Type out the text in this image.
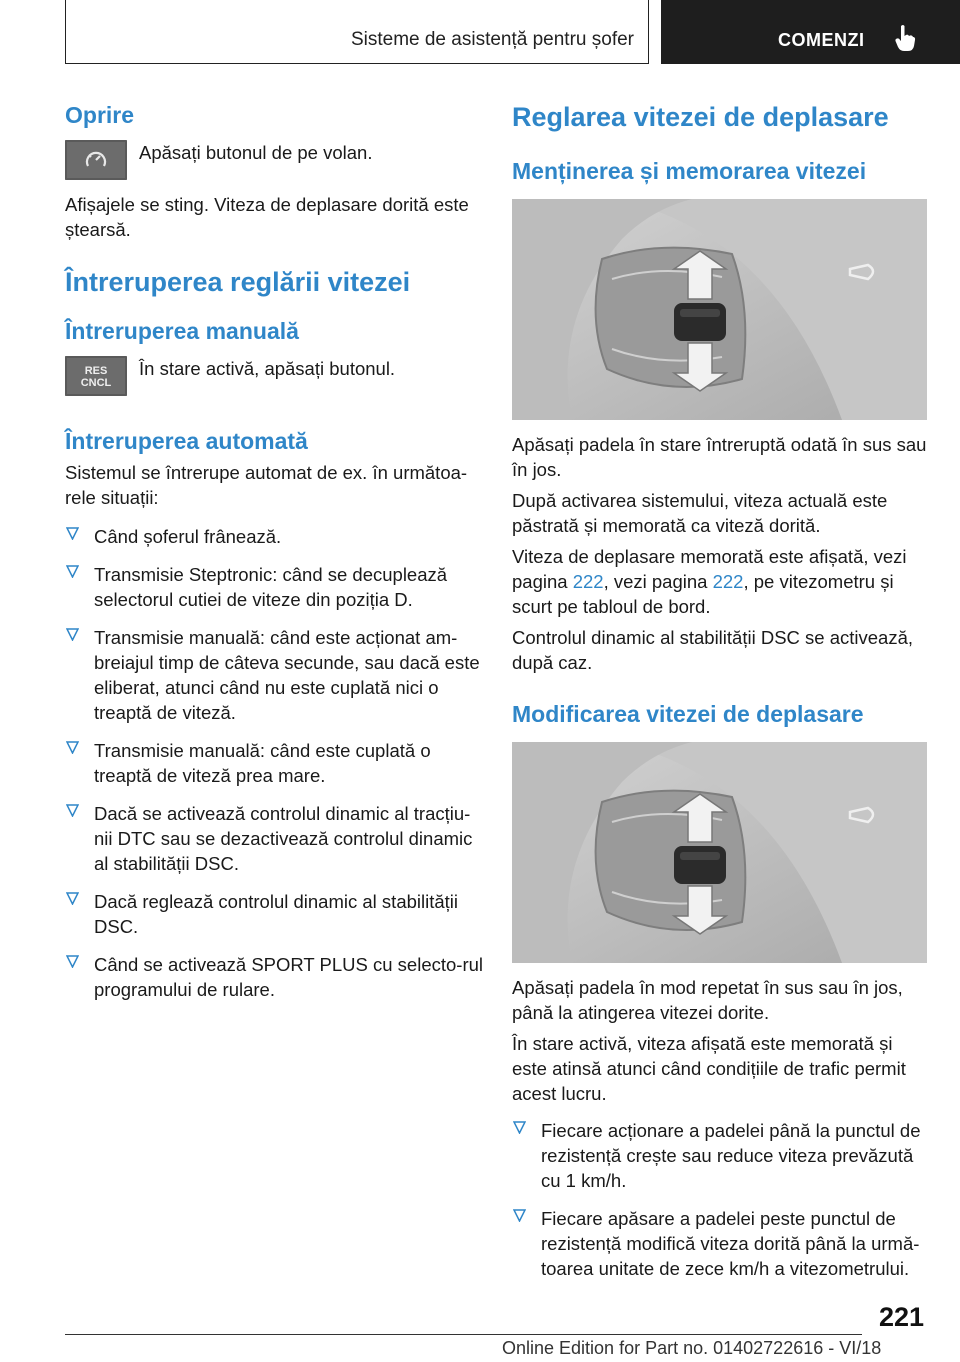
Sisteme de asistență pentru șofer	COMENZI
Oprire

Apăsați butonul de pe volan.

Afișajele se sting. Viteza de deplasare dorită este ștearsă.

Întreruperea reglării vitezei
Întreruperea manuală
RES
CNCL

În stare activă, apăsați butonul.

Întreruperea automată

Sistemul se întrerupe automat de ex. în următoa-rele situații:

Când șoferul frânează.
Transmisie Steptronic: când se decuplează selectorul cutiei de viteze din poziția D.
Transmisie manuală: când este acționat am-breiajul timp de câteva secunde, sau dacă este eliberat, atunci când nu este cuplată nici o treaptă de viteză.
Transmisie manuală: când este cuplată o treaptă de viteză prea mare.
Dacă se activează controlul dinamic al tracțiu-nii DTC sau se dezactivează controlul dinamic al stabilității DSC.
Dacă reglează controlul dinamic al stabilității DSC.
Când se activează SPORT PLUS cu selecto-rul programului de rulare.
Reglarea vitezei de deplasare
Menținerea și memorarea vitezei

Apăsați padela în stare întreruptă odată în sus sau în jos.

După activarea sistemului, viteza actuală este păstrată și memorată ca viteză dorită.

Viteza de deplasare memorată este afișată, vezi pagina 222, vezi pagina 222, pe vitezometru și scurt pe tabloul de bord.

Controlul dinamic al stabilității DSC se activează, după caz.

Modificarea vitezei de deplasare

Apăsați padela în mod repetat în sus sau în jos, până la atingerea vitezei dorite.

În stare activă, viteza afișată este memorată și este atinsă atunci când condițiile de trafic permit acest lucru.

Fiecare acționare a padelei până la punctul de rezistență crește sau reduce viteza prevăzută cu 1 km/h.
Fiecare apăsare a padelei peste punctul de rezistență modifică viteza dorită până la urmă-toarea unitate de zece km/h a vitezometrului.
221
Online Edition for Part no. 01402722616 - VI/18
